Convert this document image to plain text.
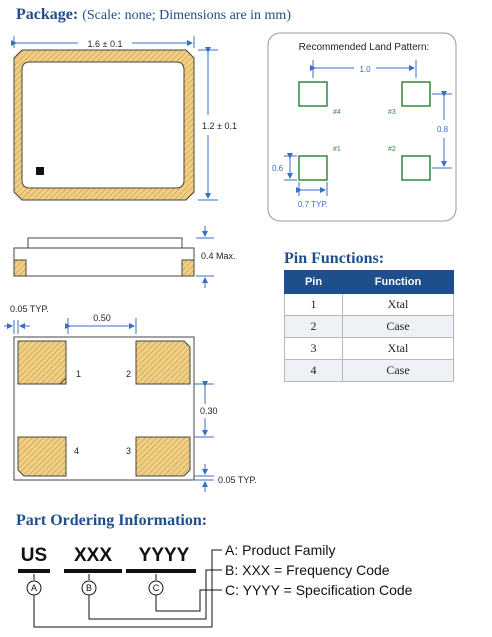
Package: (Scale: none; Dimensions are in mm)
1.6 ± 0.1
1.2 ± 0.1
0.4 Max.
1	2
3
4
0.05 TYP.
0.50
0.30
0.05 TYP.
Recommended Land Pattern:
#4	#3
#1	#2
1.0
0.8
0.6
0.7 TYP.
US XXX YYYY
A	B	C
A: Product Family
B: XXX = Frequency Code
C: YYYY = Specification Code
Pin Functions:
Pin	Function
1	Xtal
2	Case
3	Xtal
4	Case
Part Ordering Information:
